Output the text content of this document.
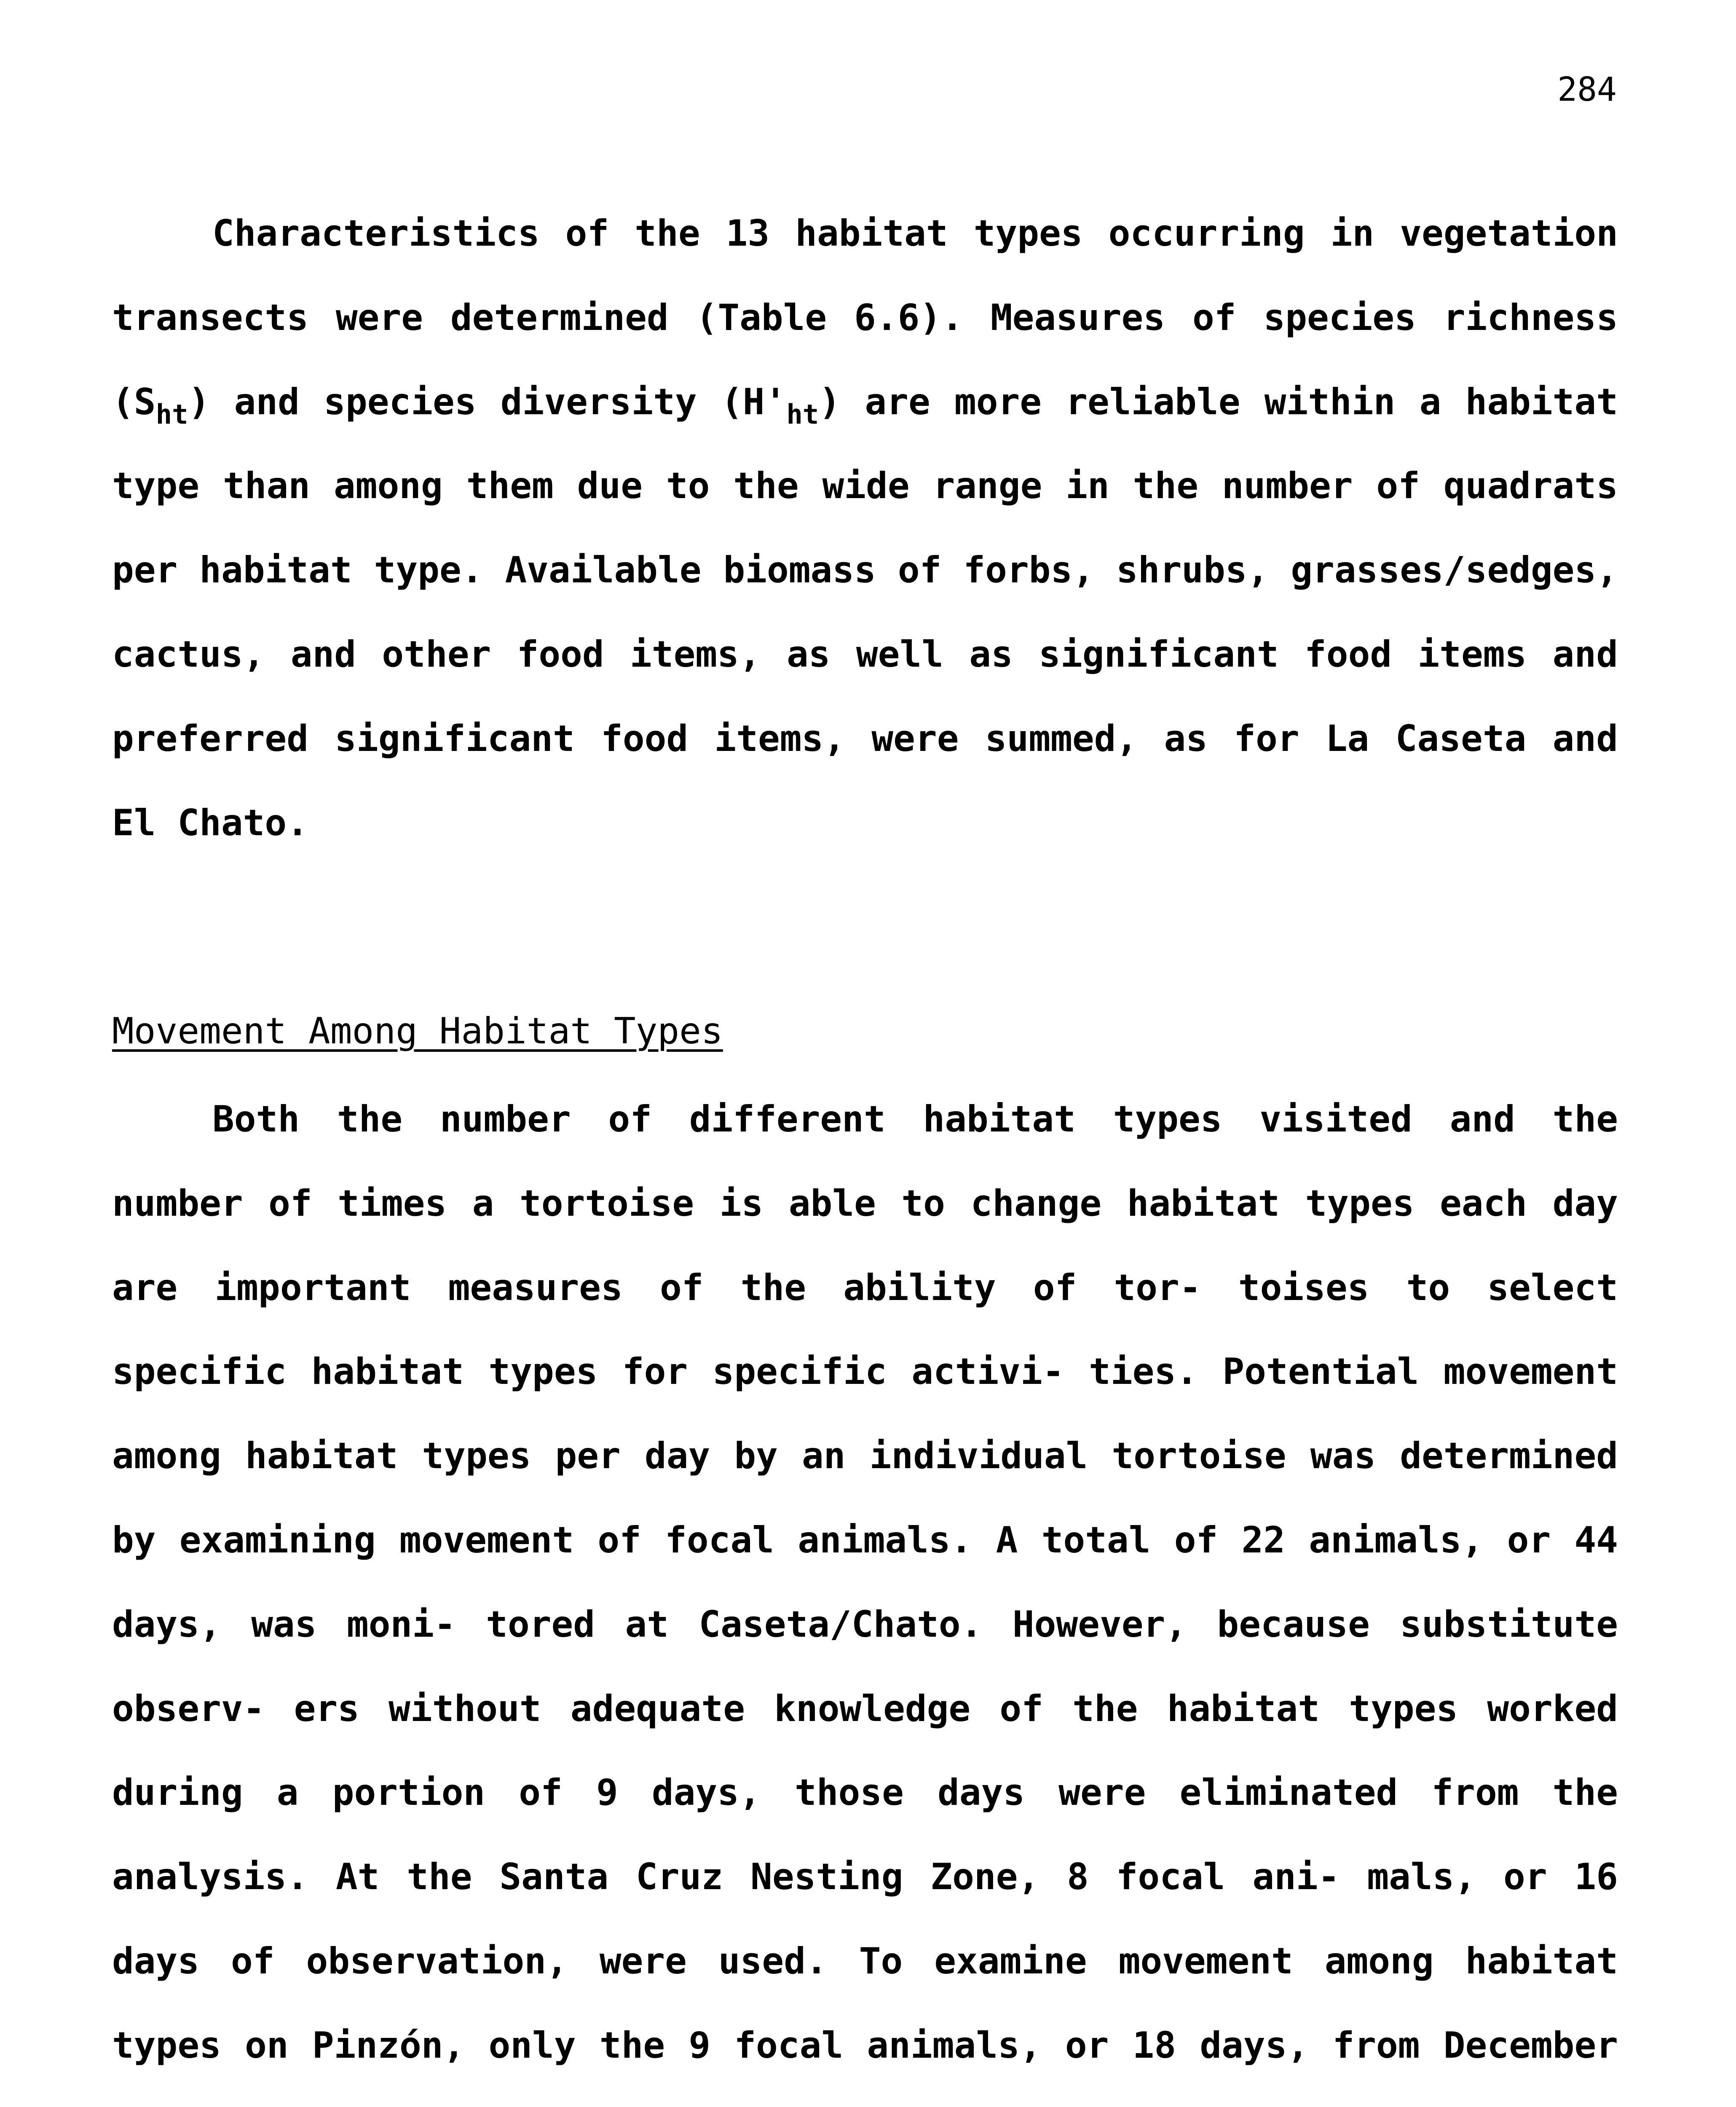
284

Characteristics of the 13 habitat types occurring in vegetation transects were determined (Table 6.6). Measures of species richness $(S_{ht})$ and species diversity $(H'_{ht})$ are more reliable within a habitat type than among them due to the wide range in the number of quadrats per habitat type. Available biomass of forbs, shrubs, grasses/sedges, cactus, and other food items, as well as significant food items and preferred significant food items, were summed, as for La Caseta and El Chato.

Movement Among Habitat Types

Both the number of different habitat types visited and the number of times a tortoise is able to change habitat types each day are important measures of the ability of tor- toises to select specific habitat types for specific activi- ties. Potential movement among habitat types per day by an individual tortoise was determined by examining movement of focal animals. A total of 22 animals, or 44 days, was moni- tored at Caseta/Chato. However, because substitute observ- ers without adequate knowledge of the habitat types worked during a portion of 9 days, those days were eliminated from the analysis. At the Santa Cruz Nesting Zone, 8 focal ani- mals, or 16 days of observation, were used. To examine movement among habitat types on Pinzón, only the 9 focal animals, or 18 days, from December
